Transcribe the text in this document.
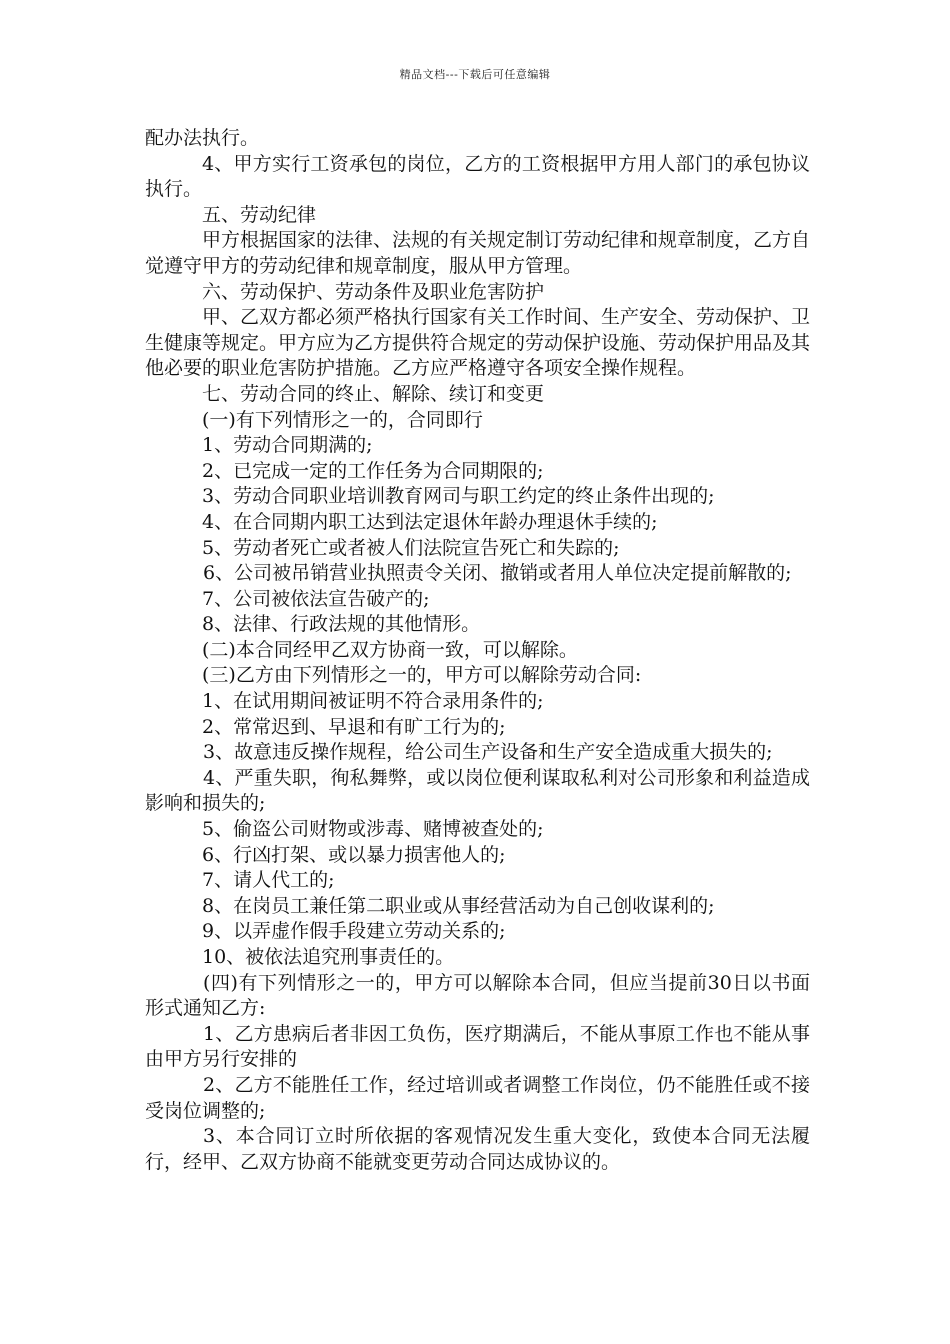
精品文档---下载后可任意编辑

配办法执行。

4、甲方实行工资承包的岗位，乙方的工资根据甲方用人部门的承包协议执行。

五、劳动纪律

甲方根据国家的法律、法规的有关规定制订劳动纪律和规章制度，乙方自觉遵守甲方的劳动纪律和规章制度，服从甲方管理。

六、劳动保护、劳动条件及职业危害防护

甲、乙双方都必须严格执行国家有关工作时间、生产安全、劳动保护、卫生健康等规定。甲方应为乙方提供符合规定的劳动保护设施、劳动保护用品及其他必要的职业危害防护措施。乙方应严格遵守各项安全操作规程。

七、劳动合同的终止、解除、续订和变更

(一)有下列情形之一的，合同即行

1、劳动合同期满的;

2、已完成一定的工作任务为合同期限的;

3、劳动合同职业培训教育网司与职工约定的终止条件出现的;

4、在合同期内职工达到法定退休年龄办理退休手续的;

5、劳动者死亡或者被人们法院宣告死亡和失踪的;

6、公司被吊销营业执照责令关闭、撤销或者用人单位决定提前解散的;

7、公司被依法宣告破产的;

8、法律、行政法规的其他情形。

(二)本合同经甲乙双方协商一致，可以解除。

(三)乙方由下列情形之一的，甲方可以解除劳动合同:

1、在试用期间被证明不符合录用条件的;

2、常常迟到、早退和有旷工行为的;

3、故意违反操作规程，给公司生产设备和生产安全造成重大损失的;

4、严重失职，徇私舞弊，或以岗位便利谋取私利对公司形象和利益造成影响和损失的;

5、偷盗公司财物或涉毒、赌博被查处的;

6、行凶打架、或以暴力损害他人的;

7、请人代工的;

8、在岗员工兼任第二职业或从事经营活动为自己创收谋利的;

9、以弄虚作假手段建立劳动关系的;

10、被依法追究刑事责任的。

(四)有下列情形之一的，甲方可以解除本合同，但应当提前30日以书面形式通知乙方:

1、乙方患病后者非因工负伤，医疗期满后，不能从事原工作也不能从事由甲方另行安排的

2、乙方不能胜任工作，经过培训或者调整工作岗位，仍不能胜任或不接受岗位调整的;

3、本合同订立时所依据的客观情况发生重大变化，致使本合同无法履行，经甲、乙双方协商不能就变更劳动合同达成协议的。
